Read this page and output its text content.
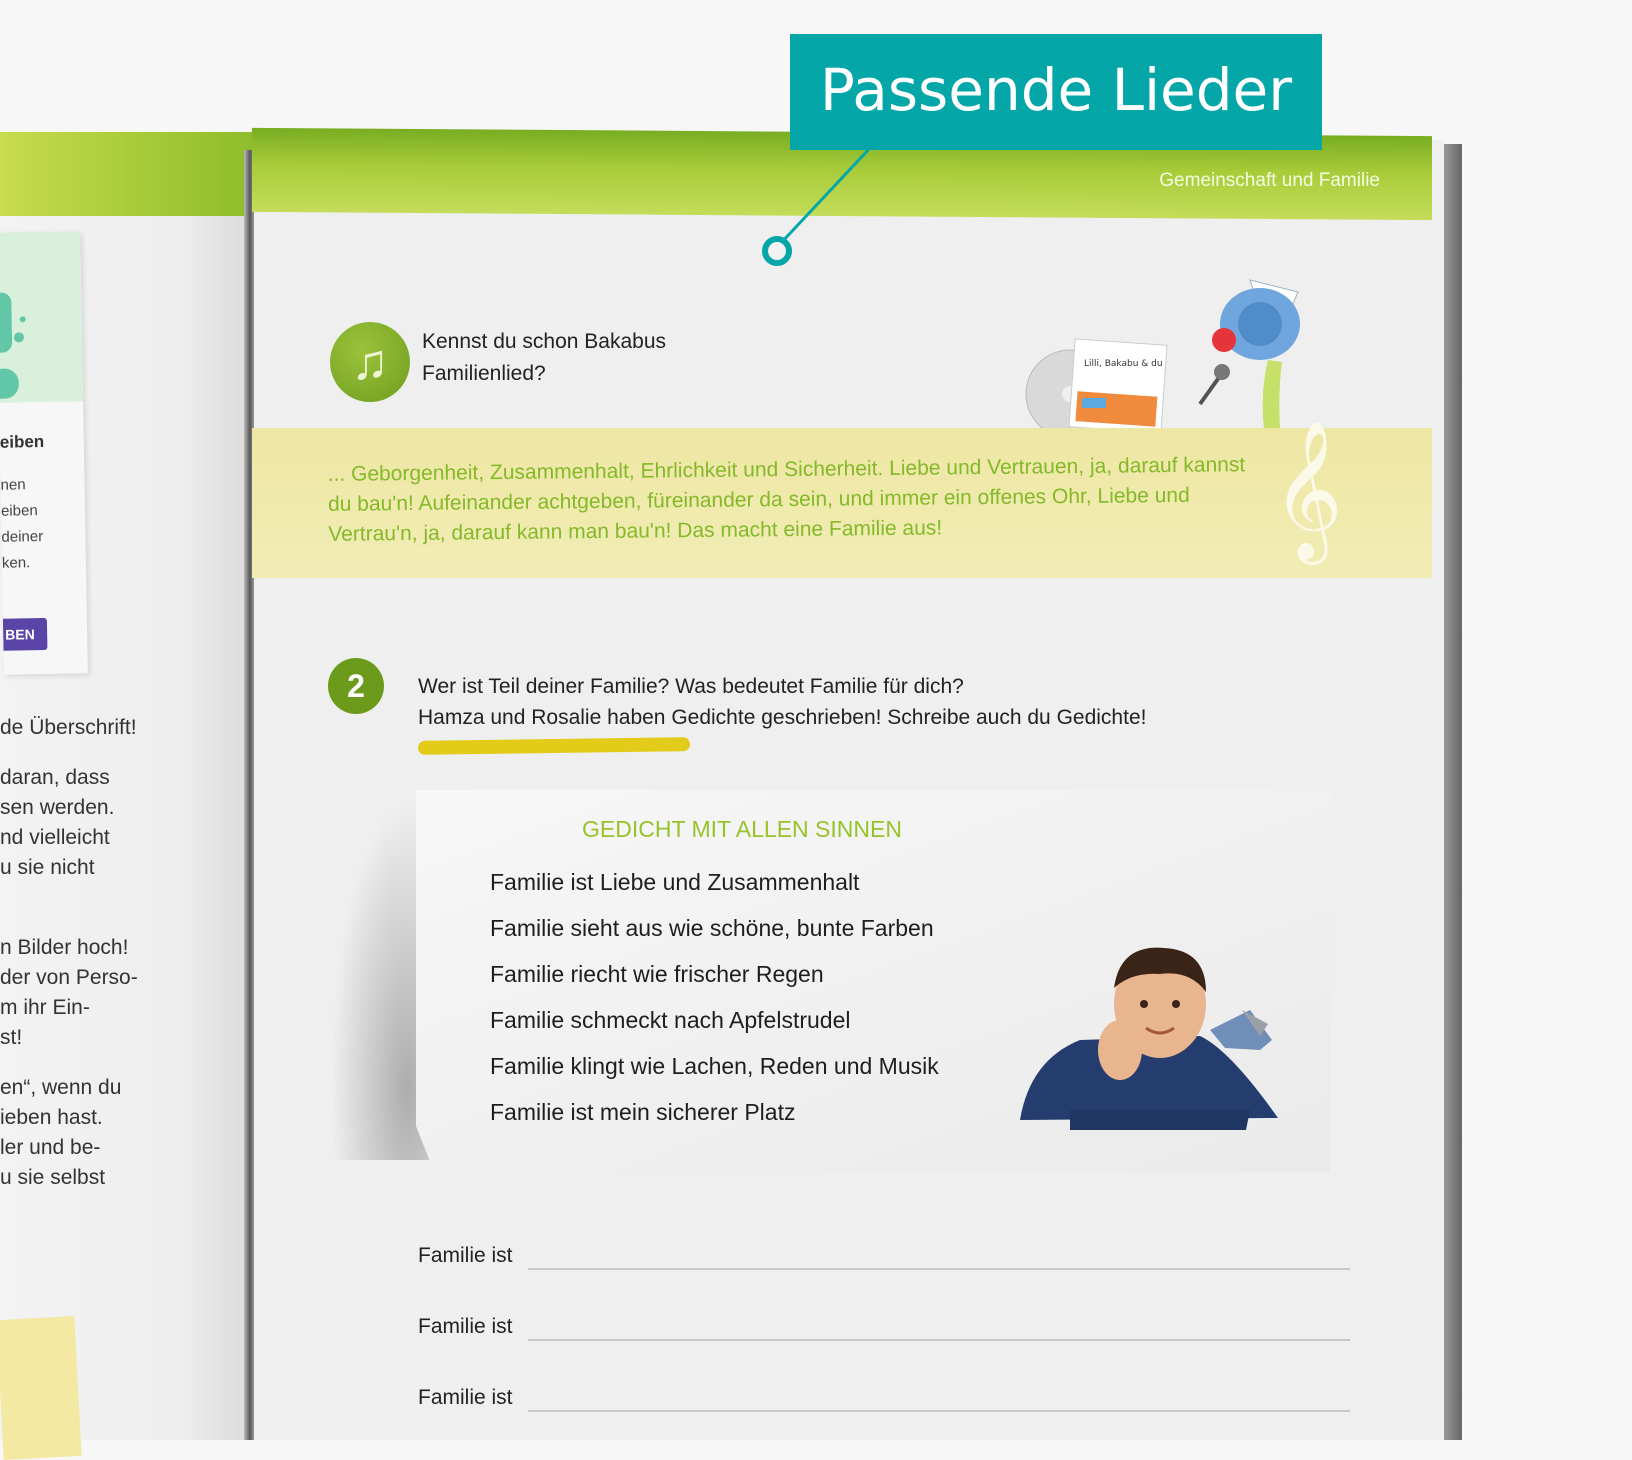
eiben
nen
eiben
deiner
ken.
BEN
de Überschrift!
daran, dass
sen werden.
nd vielleicht
u sie nicht
n Bilder hoch!
der von Perso-
m ihr Ein-
st!
en“, wenn du
ieben hast.
ler und be-
u sie selbst
Gemeinschaft und Familie
Passende Lieder
♫	Kennst du schon Bakabus Familienlied?	Lilli, Bakabu & du
𝄞
... Geborgenheit, Zusammenhalt, Ehrlichkeit und Sicherheit. Liebe und Vertrauen, ja, darauf kannst du bau'n! Aufeinander achtgeben, füreinander da sein, und immer ein offenes Ohr, Liebe und Vertrau'n, ja, darauf kann man bau'n! Das macht eine Familie aus!
2	Wer ist Teil deiner Familie? Was bedeutet Familie für dich?
Hamza und Rosalie haben Gedichte geschrieben! Schreibe auch du Gedichte!
GEDICHT MIT ALLEN SINNEN
Familie ist Liebe und Zusammenhalt
Familie sieht aus wie schöne, bunte Farben
Familie riecht wie frischer Regen
Familie schmeckt nach Apfelstrudel
Familie klingt wie Lachen, Reden und Musik
Familie ist mein sicherer Platz
Familie ist
Familie ist
Familie ist
